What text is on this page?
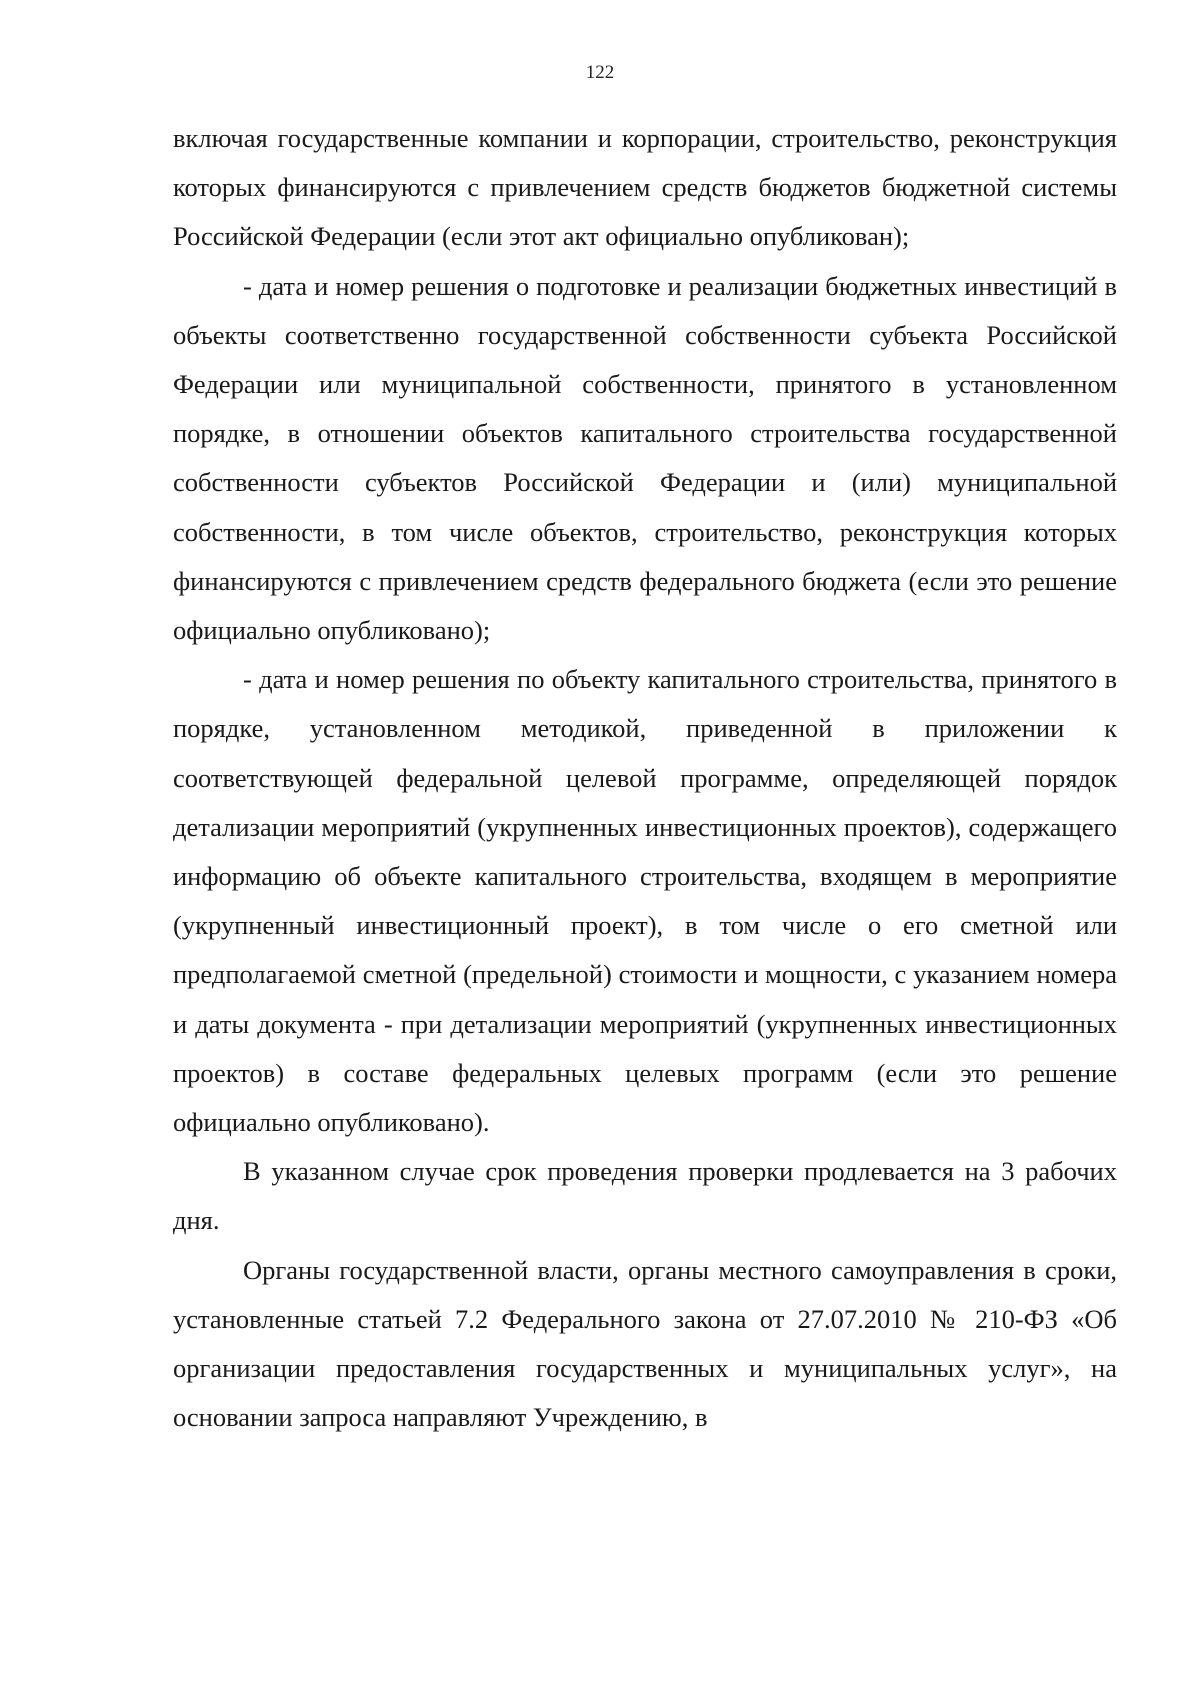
122

включая государственные компании и корпорации, строительство, реконструкция которых финансируются с привлечением средств бюджетов бюджетной системы Российской Федерации (если этот акт официально опубликован);

- дата и номер решения о подготовке и реализации бюджетных инвестиций в объекты соответственно государственной собственности субъекта Российской Федерации или муниципальной собственности, принятого в установленном порядке, в отношении объектов капитального строительства государственной собственности субъектов Российской Федерации и (или) муниципальной собственности, в том числе объектов, строительство, реконструкция которых финансируются с привлечением средств федерального бюджета (если это решение официально опубликовано);

- дата и номер решения по объекту капитального строительства, принятого в порядке, установленном методикой, приведенной в приложении к соответствующей федеральной целевой программе, определяющей порядок детализации мероприятий (укрупненных инвестиционных проектов), содержащего информацию об объекте капитального строительства, входящем в мероприятие (укрупненный инвестиционный проект), в том числе о его сметной или предполагаемой сметной (предельной) стоимости и мощности, с указанием номера и даты документа - при детализации мероприятий (укрупненных инвестиционных проектов) в составе федеральных целевых программ (если это решение официально опубликовано).

В указанном случае срок проведения проверки продлевается на 3 рабочих дня.

Органы государственной власти, органы местного самоуправления в сроки, установленные статьей 7.2 Федерального закона от 27.07.2010 № 210-ФЗ «Об организации предоставления государственных и муниципальных услуг», на основании запроса направляют Учреждению, в
